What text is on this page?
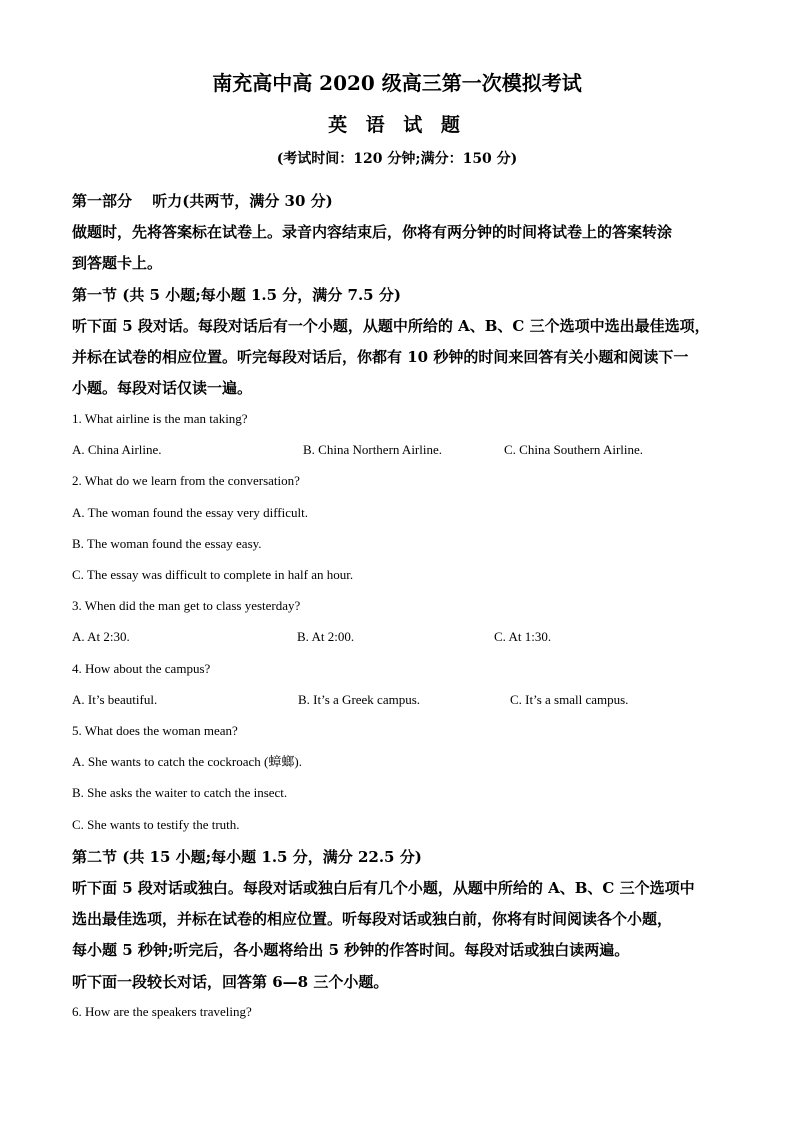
南充高中高 2020 级高三第一次模拟考试
英 语 试 题
(考试时间：120 分钟;满分：150 分)
第一部分　 听力(共两节，满分 30 分)
做题时，先将答案标在试卷上。录音内容结束后，你将有两分钟的时间将试卷上的答案转涂
到答题卡上。
第一节 (共 5 小题;每小题 1.5 分，满分 7.5 分)
听下面 5 段对话。每段对话后有一个小题，从题中所给的 A、B、C 三个选项中选出最佳选项，
并标在试卷的相应位置。听完每段对话后，你都有 10 秒钟的时间来回答有关小题和阅读下一
小题。每段对话仅读一遍。
1. What airline is the man taking?
A. China Airline.	B. China Northern Airline.	C. China Southern Airline.
2. What do we learn from the conversation?
A. The woman found the essay very difficult.
B. The woman found the essay easy.
C. The essay was difficult to complete in half an hour.
3. When did the man get to class yesterday?
A. At 2:30.	B. At 2:00.	C. At 1:30.
4. How about the campus?
A. It’s beautiful.	B. It’s a Greek campus.	C. It’s a small campus.
5. What does the woman mean?
A. She wants to catch the cockroach (蟑螂).
B. She asks the waiter to catch the insect.
C. She wants to testify the truth.
第二节 (共 15 小题;每小题 1.5 分，满分 22.5 分)
听下面 5 段对话或独白。每段对话或独白后有几个小题，从题中所给的 A、B、C 三个选项中
选出最佳选项，并标在试卷的相应位置。听每段对话或独白前，你将有时间阅读各个小题，
每小题 5 秒钟;听完后，各小题将给出 5 秒钟的作答时间。每段对话或独白读两遍。
听下面一段较长对话，回答第 6—8 三个小题。
6. How are the speakers traveling?
